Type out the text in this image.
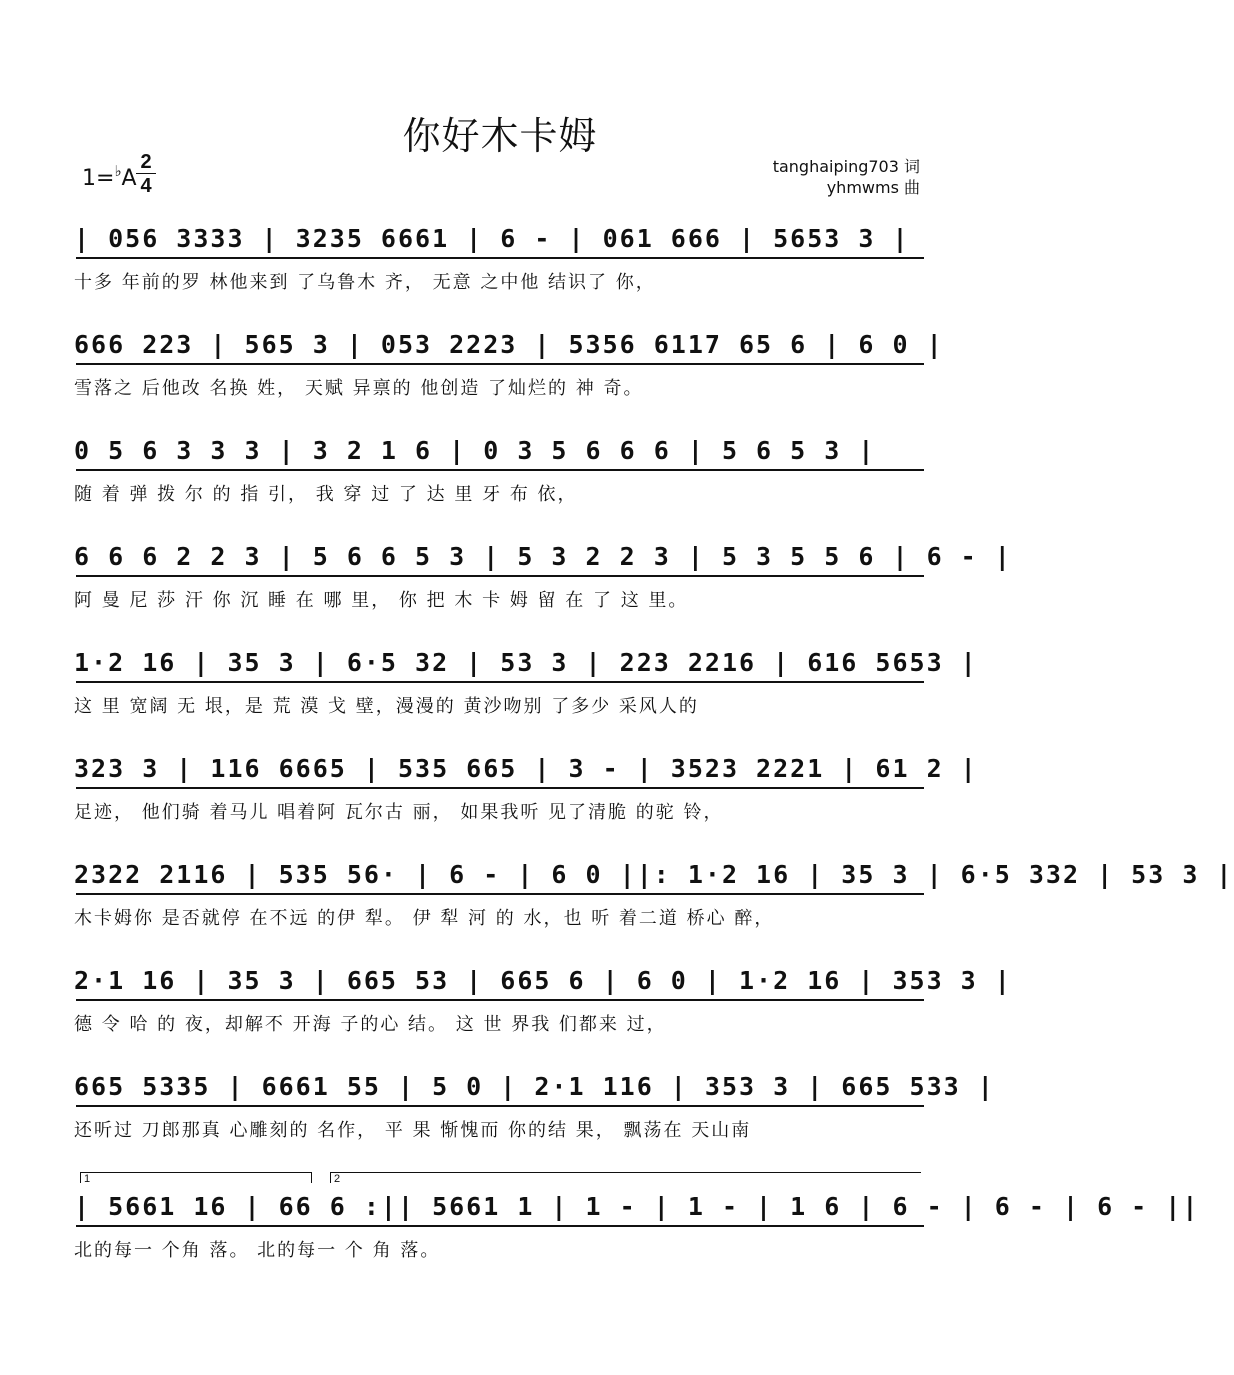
你好木卡姆
1=♭A
2
4
tanghaiping703 词
yhmwms 曲
| 056 3333 | 3235 6661 | 6 - | 061 666 | 5653 3 |
十多 年前的罗 林他来到 了乌鲁木 齐， 无意 之中他 结识了 你，
666 223 | 565 3 | 053 2223 | 5356 6117 65 6 | 6 0 |
雪落之 后他改 名换 姓， 天赋 异禀的 他创造 了灿烂的 神 奇。
0 5 6 3 3 3 | 3 2 1 6 | 0 3 5 6 6 6 | 5 6 5 3 |
随 着 弹 拨 尔 的 指 引， 我 穿 过 了 达 里 牙 布 依，
6 6 6 2 2 3 | 5 6 6 5 3 | 5 3 2 2 3 | 5 3 5 5 6 | 6 - |
阿 曼 尼 莎 汗 你 沉 睡 在 哪 里， 你 把 木 卡 姆 留 在 了 这 里。
1·2 16 | 35 3 | 6·5 32 | 53 3 | 223 2216 | 616 5653 |
这 里 宽阔 无 垠，是 荒 漠 戈 壁，漫漫的 黄沙吻别 了多少 采风人的
323 3 | 116 6665 | 535 665 | 3 - | 3523 2221 | 61 2 |
足迹， 他们骑 着马儿 唱着阿 瓦尔古 丽， 如果我听 见了清脆 的驼 铃，
2322 2116 | 535 56· | 6 - | 6 0 ||: 1·2 16 | 35 3 | 6·5 332 | 53 3 |
木卡姆你 是否就停 在不远 的伊 犁。 伊 犁 河 的 水，也 听 着二道 桥心 醉，
2·1 16 | 35 3 | 665 53 | 665 6 | 6 0 | 1·2 16 | 353 3 |
德 令 哈 的 夜，却解不 开海 子的心 结。 这 世 界我 们都来 过，
665 5335 | 6661 55 | 5 0 | 2·1 116 | 353 3 | 665 533 |
还听过 刀郎那真 心雕刻的 名作， 平 果 惭愧而 你的结 果， 飘荡在 天山南
1	2
| 5661 16 | 66 6 :|| 5661 1 | 1 - | 1 - | 1 6 | 6 - | 6 - | 6 - ||
北的每一 个角 落。 北的每一 个 角 落。
